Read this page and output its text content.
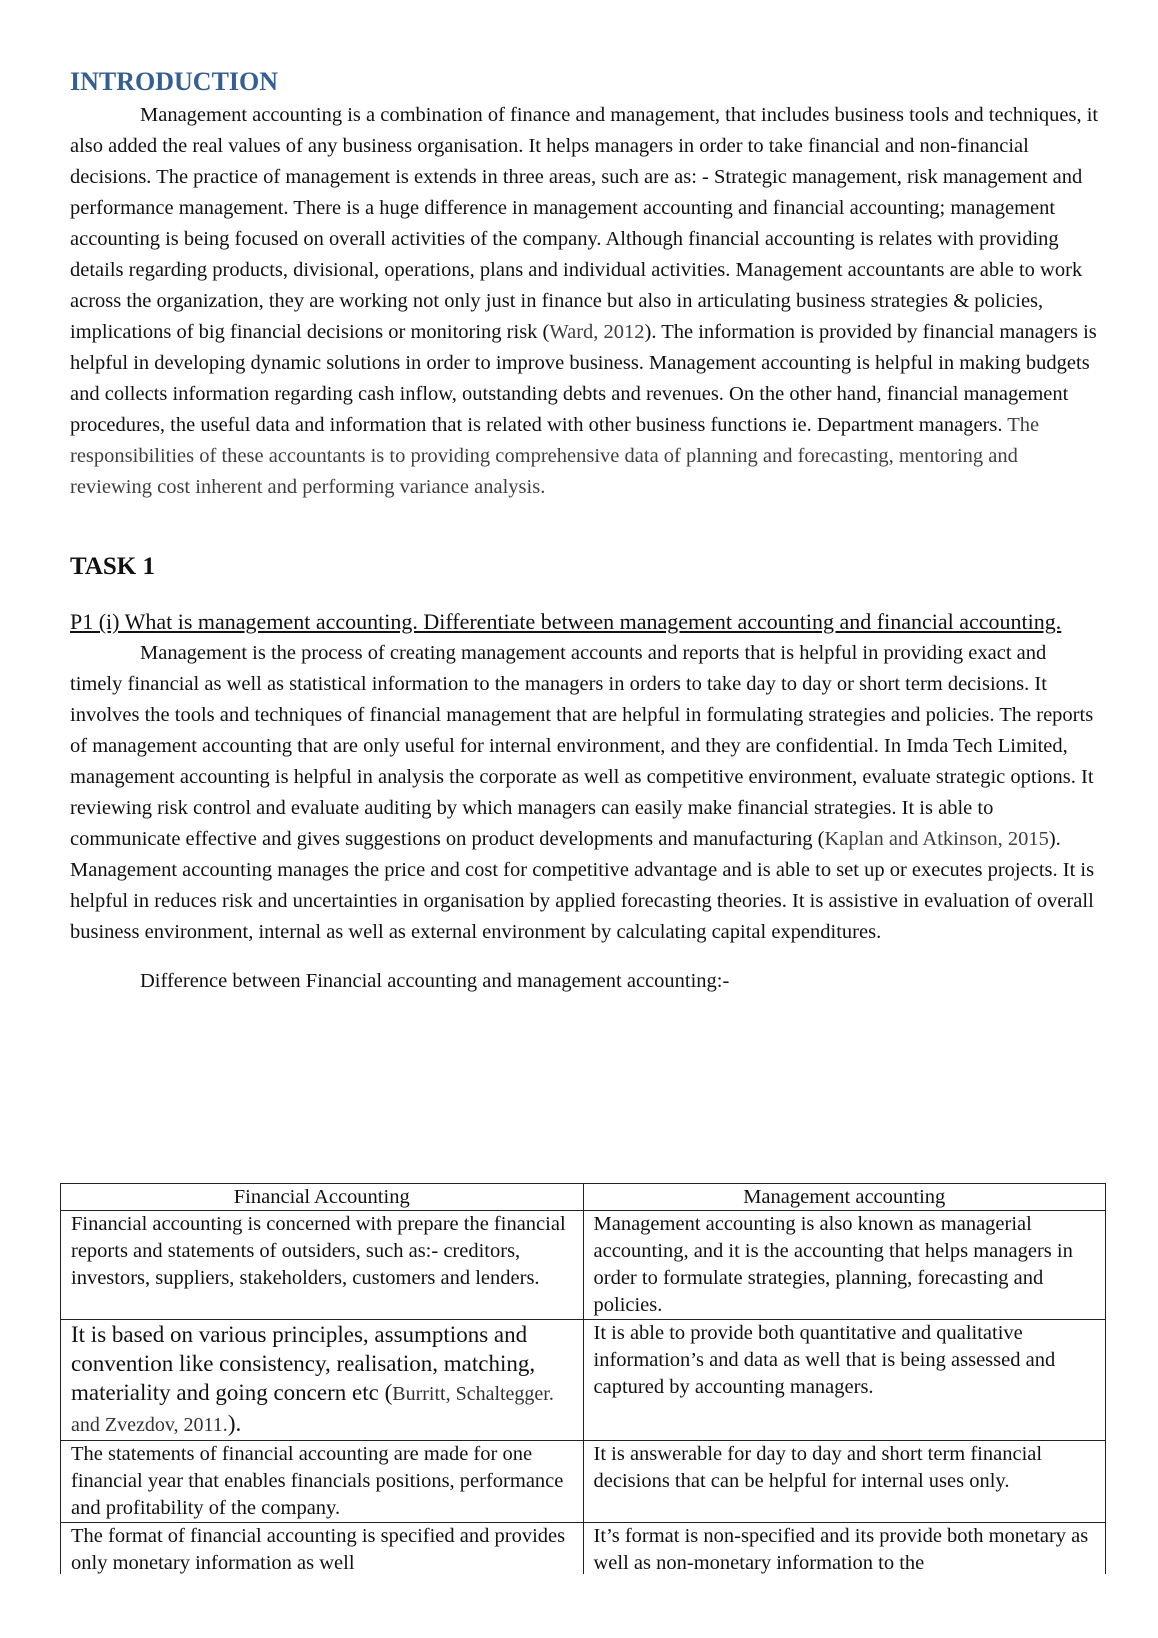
INTRODUCTION

Management accounting is a combination of finance and management, that includes business tools and techniques, it also added the real values of any business organisation. It helps managers in order to take financial and non-financial decisions. The practice of management is extends in three areas, such are as: - Strategic management, risk management and performance management. There is a huge difference in management accounting and financial accounting; management accounting is being focused on overall activities of the company. Although financial accounting is relates with providing details regarding products, divisional, operations, plans and individual activities. Management accountants are able to work across the organization, they are working not only just in finance but also in articulating business strategies & policies, implications of big financial decisions or monitoring risk (Ward, 2012). The information is provided by financial managers is helpful in developing dynamic solutions in order to improve business. Management accounting is helpful in making budgets and collects information regarding cash inflow, outstanding debts and revenues. On the other hand, financial management procedures, the useful data and information that is related with other business functions ie. Department managers. The responsibilities of these accountants is to providing comprehensive data of planning and forecasting, mentoring and reviewing cost inherent and performing variance analysis.

TASK 1

P1 (i) What is management accounting. Differentiate between management accounting and financial accounting.

Management is the process of creating management accounts and reports that is helpful in providing exact and timely financial as well as statistical information to the managers in orders to take day to day or short term decisions. It involves the tools and techniques of financial management that are helpful in formulating strategies and policies. The reports of management accounting that are only useful for internal environment, and they are confidential. In Imda Tech Limited, management accounting is helpful in analysis the corporate as well as competitive environment, evaluate strategic options. It reviewing risk control and evaluate auditing by which managers can easily make financial strategies. It is able to communicate effective and gives suggestions on product developments and manufacturing (Kaplan and Atkinson, 2015). Management accounting manages the price and cost for competitive advantage and is able to set up or executes projects. It is helpful in reduces risk and uncertainties in organisation by applied forecasting theories. It is assistive in evaluation of overall business environment, internal as well as external environment by calculating capital expenditures.

Difference between Financial accounting and management accounting:-

Financial Accounting	Management accounting
Financial accounting is concerned with prepare the financial reports and statements of outsiders, such as:- creditors, investors, suppliers, stakeholders, customers and lenders.	Management accounting is also known as managerial accounting, and it is the accounting that helps managers in order to formulate strategies, planning, forecasting and policies.
It is based on various principles, assumptions and convention like consistency, realisation, matching, materiality and going concern etc (Burritt, Schaltegger. and Zvezdov, 2011.).	It is able to provide both quantitative and qualitative information’s and data as well that is being assessed and captured by accounting managers.
The statements of financial accounting are made for one financial year that enables financials positions, performance and profitability of the company.	It is answerable for day to day and short term financial decisions that can be helpful for internal uses only.
The format of financial accounting is specified and provides only monetary information as well	It’s format is non-specified and its provide both monetary as well as non-monetary information to the
